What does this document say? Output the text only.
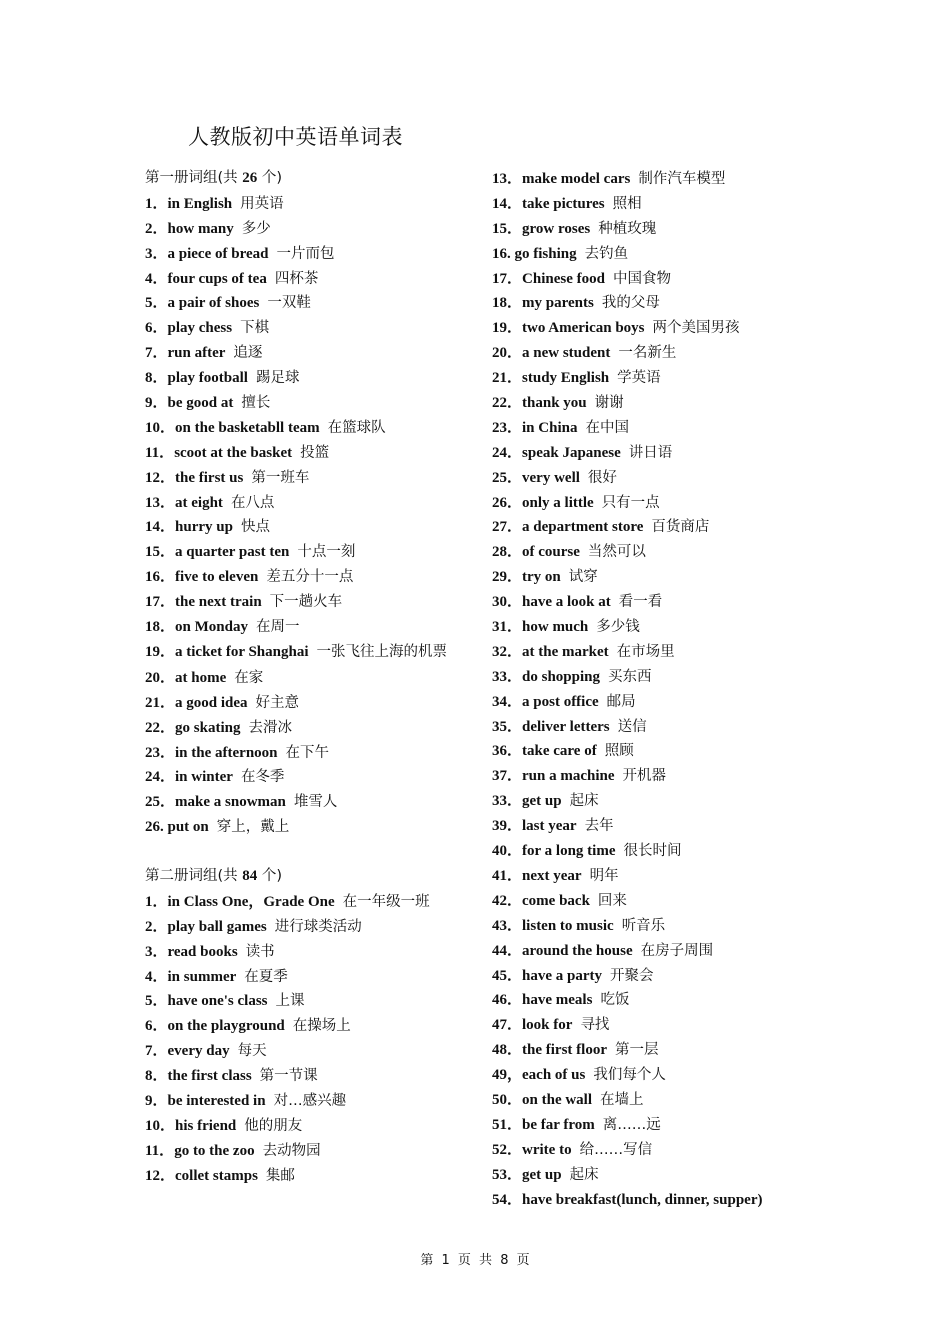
人教版初中英语单词表
第一册词组(共 26 个)
1．in English 用英语
2．how many 多少
3．a piece of bread 一片而包
4．four cups of tea 四杯茶
5．a pair of shoes 一双鞋
6．play chess 下棋
7．run after 追逐
8．play football 踢足球
9．be good at 擅长
10．on the basketabll team 在篮球队
11．scoot at the basket 投篮
12．the first us 第一班车
13．at eight 在八点
14．hurry up 快点
15．a quarter past ten 十点一刻
16．five to eleven 差五分十一点
17．the next train 下一趟火车
18．on Monday 在周一
19．a ticket for Shanghai 一张飞往上海的机票
20．at home 在家
21．a good idea 好主意
22．go skating 去滑冰
23．in the afternoon 在下午
24．in winter 在冬季
25．make a snowman 堆雪人
26. put on 穿上，戴上
第二册词组(共 84 个)
1．in Class One，Grade One 在一年级一班
2．play ball games 进行球类活动
3．read books 读书
4．in summer 在夏季
5．have one's class 上课
6．on the playground 在操场上
7．every day 每天
8．the first class 第一节课
9．be interested in 对…感兴趣
10．his friend 他的朋友
11．go to the zoo 去动物园
12．collet stamps 集邮
13．make model cars 制作汽车模型
14．take pictures 照相
15．grow roses 种植玫瑰
16. go fishing 去钓鱼
17．Chinese food 中国食物
18．my parents 我的父母
19．two American boys 两个美国男孩
20．a new student 一名新生
21．study English 学英语
22．thank you 谢谢
23．in China 在中国
24．speak Japanese 讲日语
25．very well 很好
26．only a little 只有一点
27．a department store 百货商店
28．of course 当然可以
29．try on 试穿
30．have a look at 看一看
31．how much 多少钱
32．at the market 在市场里
33．do shopping 买东西
34．a post office 邮局
35．deliver letters 送信
36．take care of 照顾
37．run a machine 开机器
33．get up 起床
39．last year 去年
40．for a long time 很长时间
41．next year 明年
42．come back 回来
43．listen to music 听音乐
44．around the house 在房子周围
45．have a party 开聚会
46．have meals 吃饭
47．look for 寻找
48．the first floor 第一层
49，each of us 我们每个人
50．on the wall 在墙上
51．be far from 离……远
52．write to 给……写信
53．get up 起床
54．have breakfast(lunch, dinner, supper)
第 1 页 共 8 页
